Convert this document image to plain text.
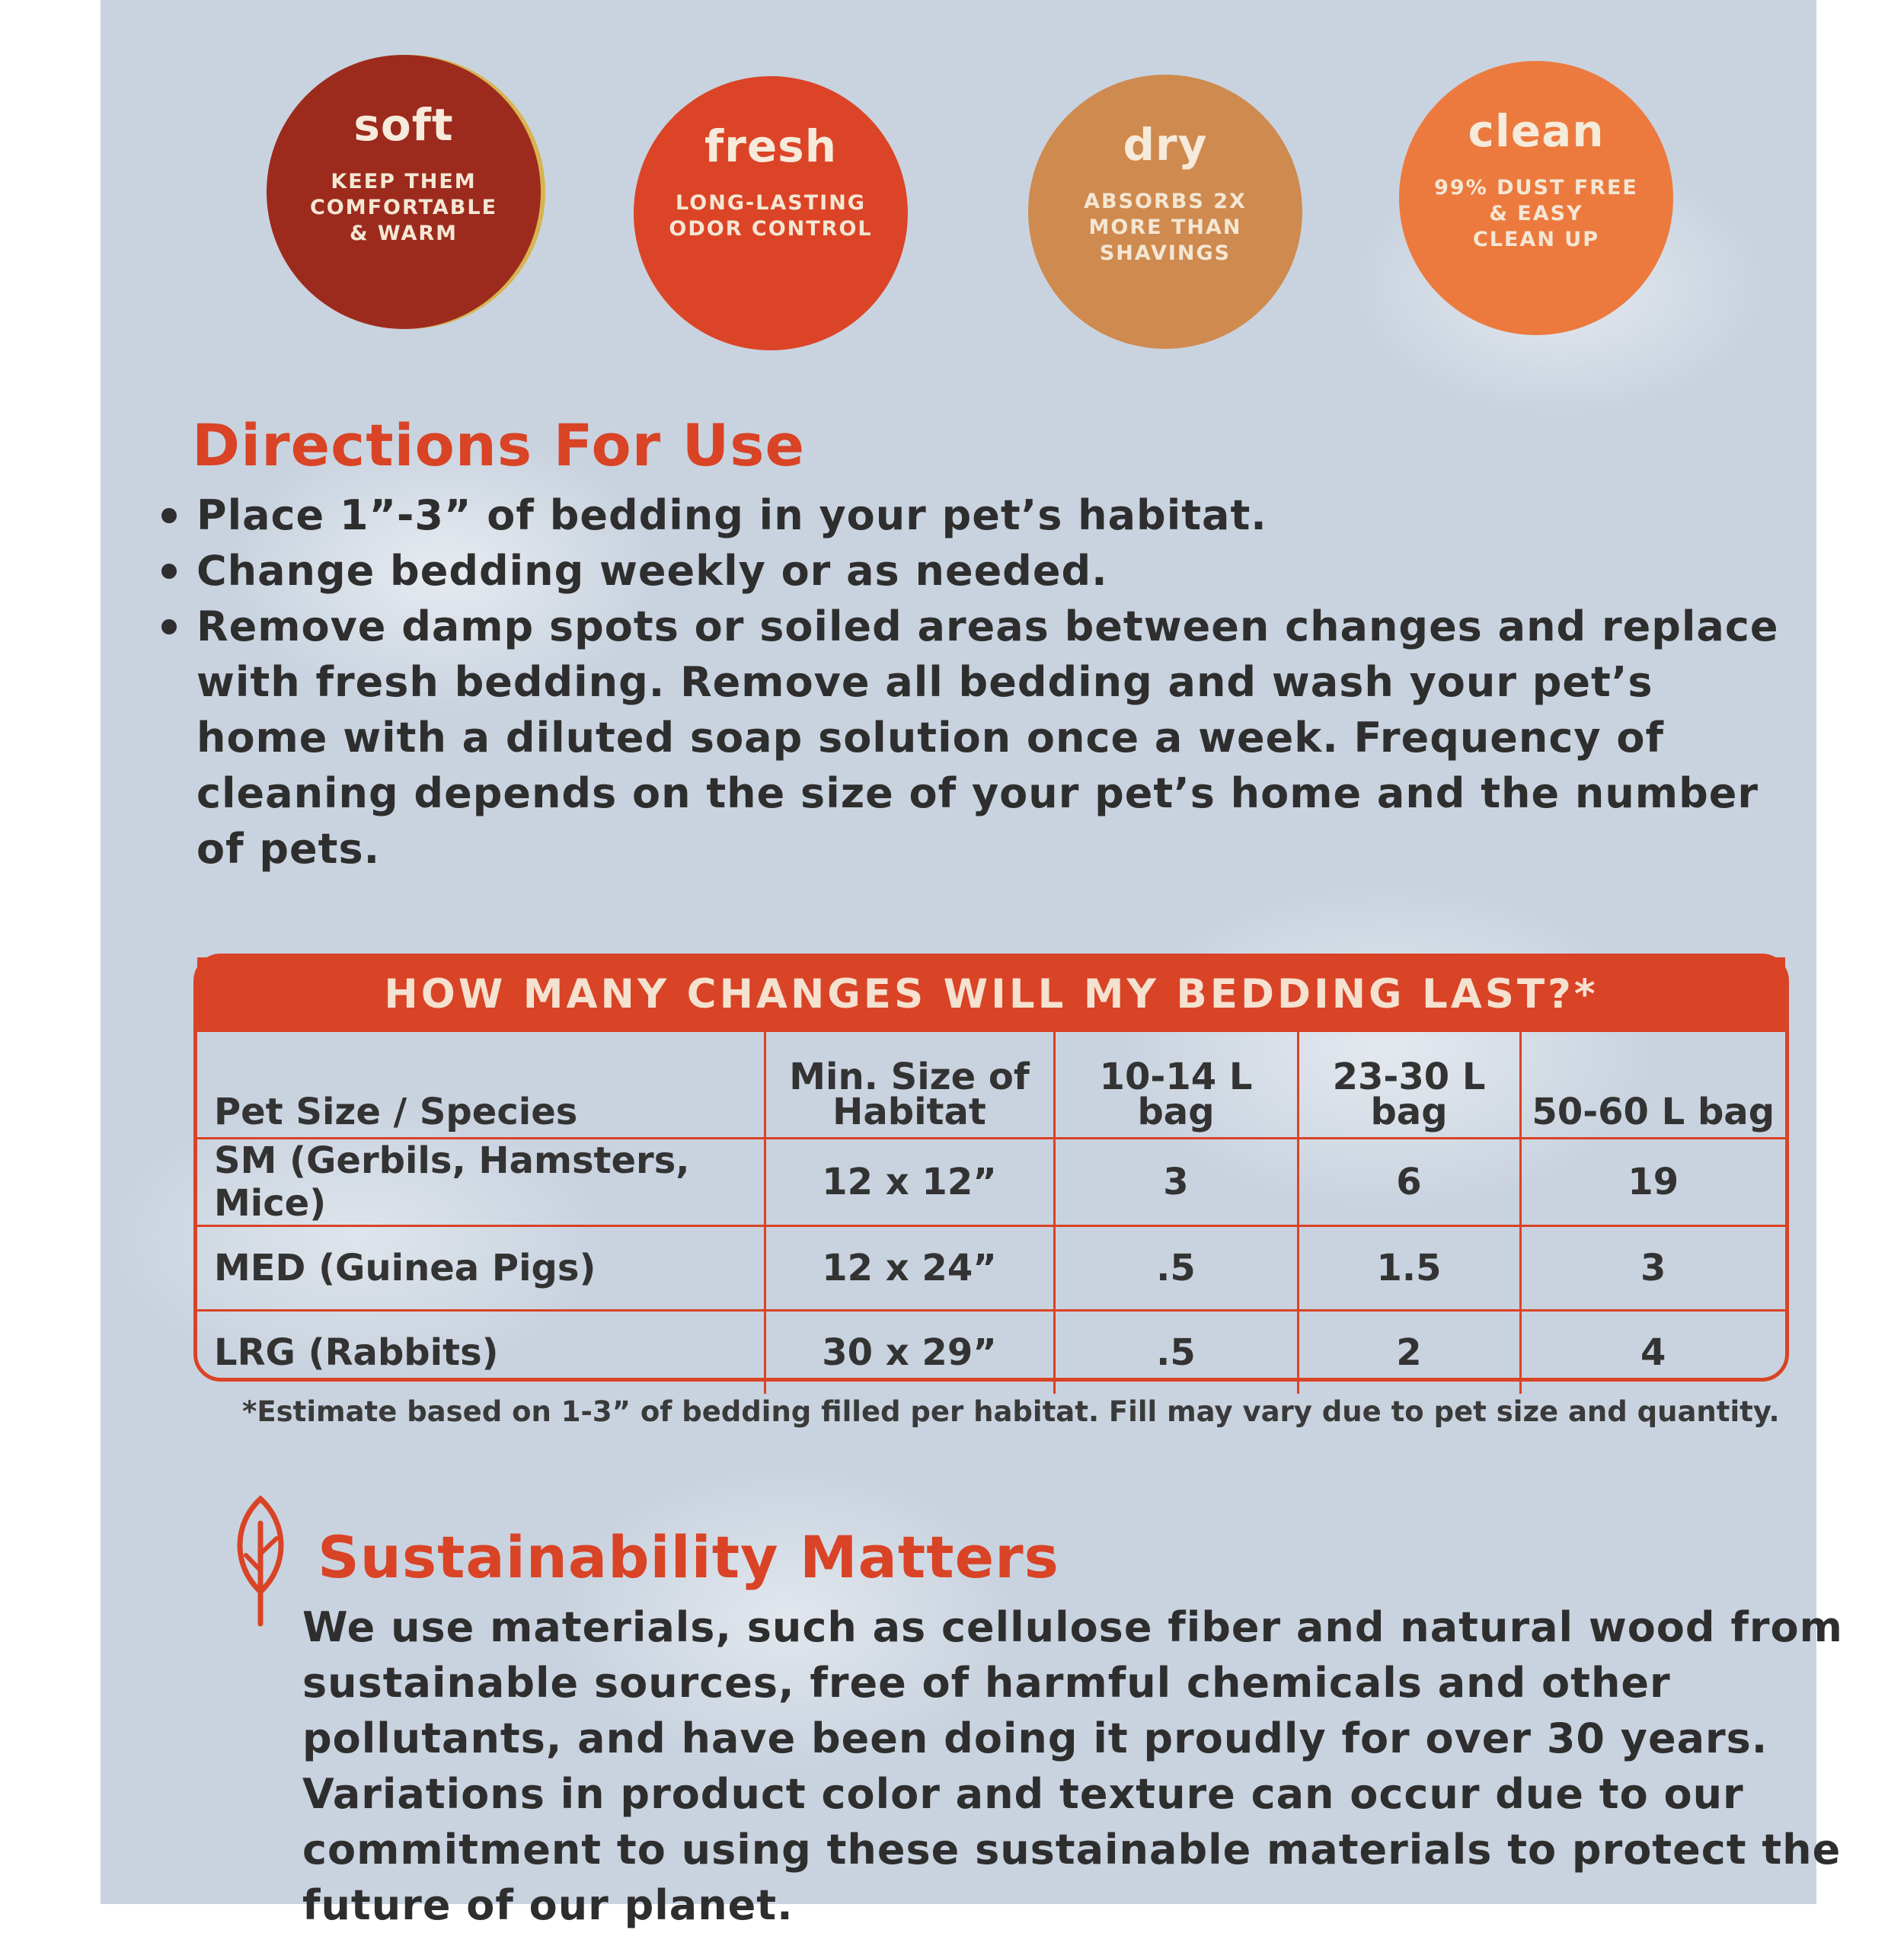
soft
KEEP THEM
COMFORTABLE
& WARM
fresh
LONG-LASTING
ODOR CONTROL
dry
ABSORBS 2X
MORE THAN
SHAVINGS
clean
99% DUST FREE
& EASY
CLEAN UP
Directions For Use
Place 1”-3” of bedding in your pet’s habitat.
Change bedding weekly or as needed.
Remove damp spots or soiled areas between changes and replace with fresh bedding. Remove all bedding and wash your pet’s home with a diluted soap solution once a week. Frequency of cleaning depends on the size of your pet’s home and the number of pets.
HOW MANY CHANGES WILL MY BEDDING LAST?*
Pet Size / Species	Min. Size of Habitat	10-14 L bag	23-30 L bag	50-60 L bag
SM (Gerbils, Hamsters, Mice)	12 x 12”	3	6	19
MED (Guinea Pigs)	12 x 24”	.5	1.5	3
LRG (Rabbits)	30 x 29”	.5	2	4
*Estimate based on 1-3” of bedding filled per habitat. Fill may vary due to pet size and quantity.
Sustainability Matters
We use materials, such as cellulose fiber and natural wood from sustainable sources, free of harmful chemicals and other pollutants, and have been doing it proudly for over 30 years. Variations in product color and texture can occur due to our commitment to using these sustainable materials to protect the future of our planet.
